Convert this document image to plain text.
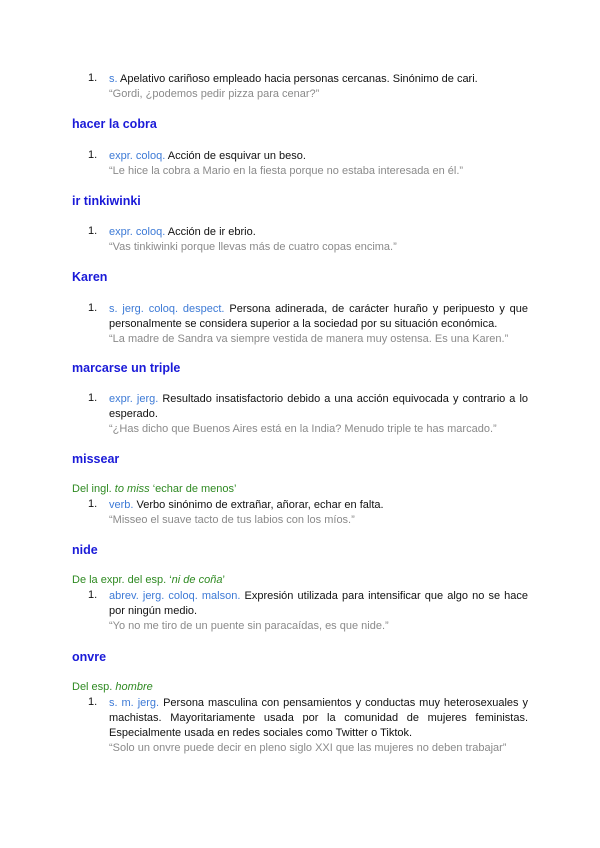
1.	s. Apelativo cariñoso empleado hacia personas cercanas. Sinónimo de cari.
“Gordi, ¿podemos pedir pizza para cenar?”
hacer la cobra
1.	expr. coloq. Acción de esquivar un beso.
“Le hice la cobra a Mario en la fiesta porque no estaba interesada en él.”
ir tinkiwinki
1.	expr. coloq. Acción de ir ebrio.
“Vas tinkiwinki porque llevas más de cuatro copas encima.”
Karen
1.	s. jerg. coloq. despect. Persona adinerada, de carácter huraño y peripuesto y que personalmente se considera superior a la sociedad por su situación económica.
“La madre de Sandra va siempre vestida de manera muy ostensa. Es una Karen.”
marcarse un triple
1.	expr. jerg. Resultado insatisfactorio debido a una acción equivocada y contrario a lo esperado.
“¿Has dicho que Buenos Aires está en la India? Menudo triple te has marcado.”
missear
Del ingl. to miss ‘echar de menos’
1.	verb. Verbo sinónimo de extrañar, añorar, echar en falta.
“Misseo el suave tacto de tus labios con los míos.”
nide
De la expr. del esp. ‘ni de coña’
1.	abrev. jerg. coloq. malson. Expresión utilizada para intensificar que algo no se hace por ningún medio.
“Yo no me tiro de un puente sin paracaídas, es que nide.”
onvre
Del esp. hombre
1.	s. m. jerg. Persona masculina con pensamientos y conductas muy heterosexuales y machistas. Mayoritariamente usada por la comunidad de mujeres feministas. Especialmente usada en redes sociales como Twitter o Tiktok.
“Solo un onvre puede decir en pleno siglo XXI que las mujeres no deben trabajar”
